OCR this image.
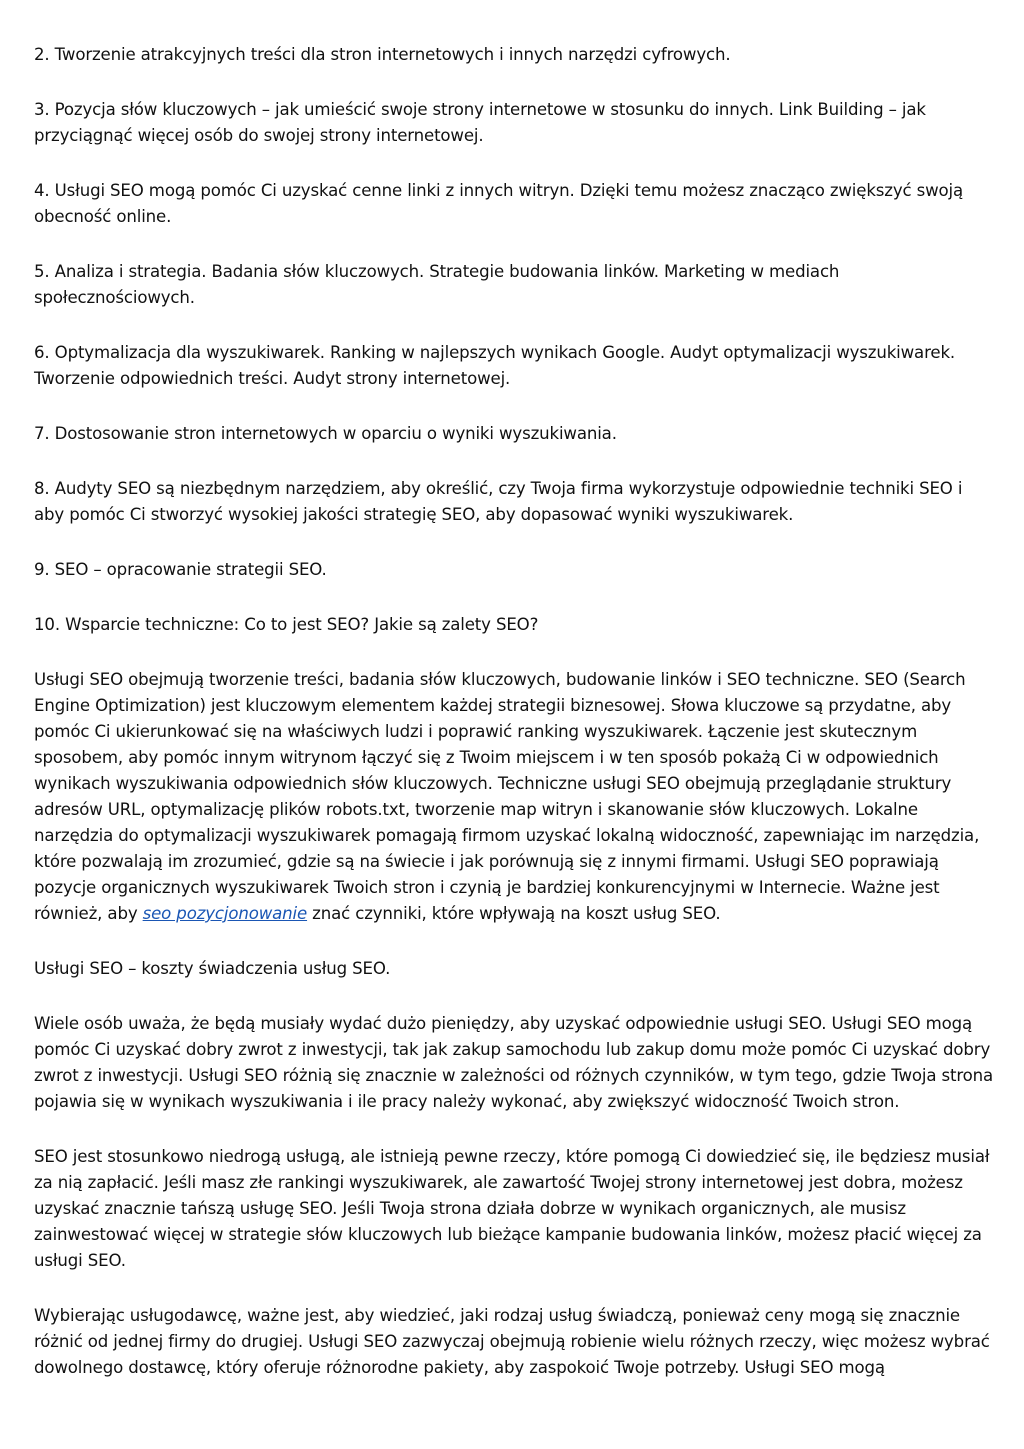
2. Tworzenie atrakcyjnych treści dla stron internetowych i innych narzędzi cyfrowych.

3. Pozycja słów kluczowych – jak umieścić swoje strony internetowe w stosunku do innych. Link Building – jak przyciągnąć więcej osób do swojej strony internetowej.

4. Usługi SEO mogą pomóc Ci uzyskać cenne linki z innych witryn. Dzięki temu możesz znacząco zwiększyć swoją obecność online.

5. Analiza i strategia. Badania słów kluczowych. Strategie budowania linków. Marketing w mediach społecznościowych.

6. Optymalizacja dla wyszukiwarek. Ranking w najlepszych wynikach Google. Audyt optymalizacji wyszukiwarek. Tworzenie odpowiednich treści. Audyt strony internetowej.

7. Dostosowanie stron internetowych w oparciu o wyniki wyszukiwania.

8. Audyty SEO są niezbędnym narzędziem, aby określić, czy Twoja firma wykorzystuje odpowiednie techniki SEO i aby pomóc Ci stworzyć wysokiej jakości strategię SEO, aby dopasować wyniki wyszukiwarek.

9. SEO – opracowanie strategii SEO.

10. Wsparcie techniczne: Co to jest SEO? Jakie są zalety SEO?

Usługi SEO obejmują tworzenie treści, badania słów kluczowych, budowanie linków i SEO techniczne. SEO (Search Engine Optimization) jest kluczowym elementem każdej strategii biznesowej. Słowa kluczowe są przydatne, aby pomóc Ci ukierunkować się na właściwych ludzi i poprawić ranking wyszukiwarek. Łączenie jest skutecznym sposobem, aby pomóc innym witrynom łączyć się z Twoim miejscem i w ten sposób pokażą Ci w odpowiednich wynikach wyszukiwania odpowiednich słów kluczowych. Techniczne usługi SEO obejmują przeglądanie struktury adresów URL, optymalizację plików robots.txt, tworzenie map witryn i skanowanie słów kluczowych. Lokalne narzędzia do optymalizacji wyszukiwarek pomagają firmom uzyskać lokalną widoczność, zapewniając im narzędzia, które pozwalają im zrozumieć, gdzie są na świecie i jak porównują się z innymi firmami. Usługi SEO poprawiają pozycje organicznych wyszukiwarek Twoich stron i czynią je bardziej konkurencyjnymi w Internecie. Ważne jest również, aby seo pozycjonowanie znać czynniki, które wpływają na koszt usług SEO.

Usługi SEO – koszty świadczenia usług SEO.

Wiele osób uważa, że będą musiały wydać dużo pieniędzy, aby uzyskać odpowiednie usługi SEO. Usługi SEO mogą pomóc Ci uzyskać dobry zwrot z inwestycji, tak jak zakup samochodu lub zakup domu może pomóc Ci uzyskać dobry zwrot z inwestycji. Usługi SEO różnią się znacznie w zależności od różnych czynników, w tym tego, gdzie Twoja strona pojawia się w wynikach wyszukiwania i ile pracy należy wykonać, aby zwiększyć widoczność Twoich stron.

SEO jest stosunkowo niedrogą usługą, ale istnieją pewne rzeczy, które pomogą Ci dowiedzieć się, ile będziesz musiał za nią zapłacić. Jeśli masz złe rankingi wyszukiwarek, ale zawartość Twojej strony internetowej jest dobra, możesz uzyskać znacznie tańszą usługę SEO. Jeśli Twoja strona działa dobrze w wynikach organicznych, ale musisz zainwestować więcej w strategie słów kluczowych lub bieżące kampanie budowania linków, możesz płacić więcej za usługi SEO.

Wybierając usługodawcę, ważne jest, aby wiedzieć, jaki rodzaj usług świadczą, ponieważ ceny mogą się znacznie różnić od jednej firmy do drugiej. Usługi SEO zazwyczaj obejmują robienie wielu różnych rzeczy, więc możesz wybrać dowolnego dostawcę, który oferuje różnorodne pakiety, aby zaspokoić Twoje potrzeby. Usługi SEO mogą
